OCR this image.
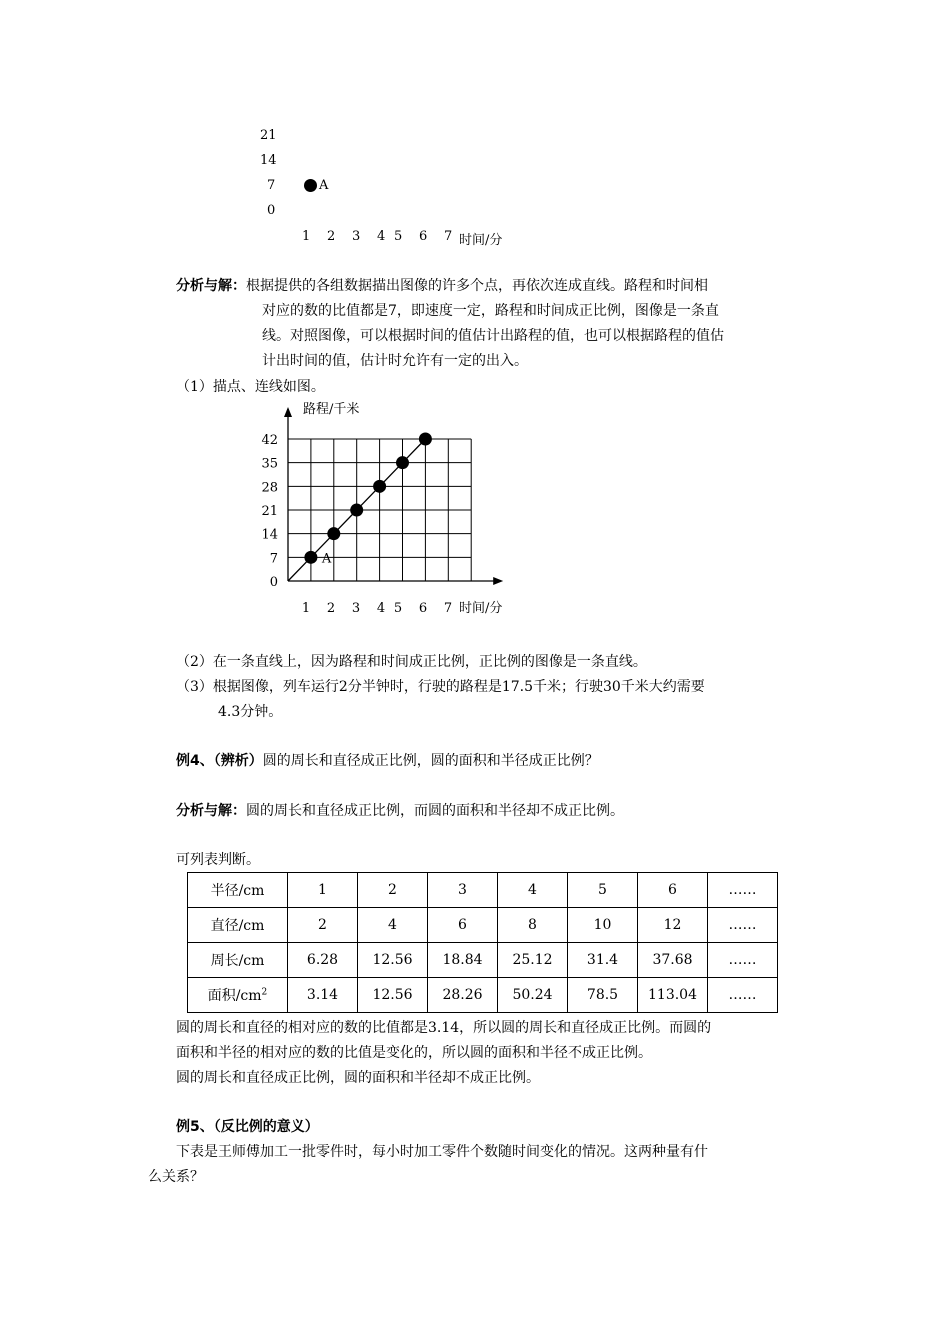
21
14
7
0
A
1 2 3 4 5 6 7 时间/分
分析与解：根据提供的各组数据描出图像的许多个点，再依次连成直线。路程和时间相
对应的数的比值都是7，即速度一定，路程和时间成正比例，图像是一条直
线。对照图像，可以根据时间的值估计出路程的值，也可以根据路程的值估
计出时间的值，估计时允许有一定的出入。
（1）描点、连线如图。
A
0
7
14
21
28
35
42
1 2 3 4 5 6 7 时间/分
路程/千米
（2）在一条直线上，因为路程和时间成正比例，正比例的图像是一条直线。
（3）根据图像，列车运行2分半钟时，行驶的路程是17.5千米；行驶30千米大约需要
4.3分钟。
例4、（辨析）圆的周长和直径成正比例，圆的面积和半径成正比例？
分析与解：圆的周长和直径成正比例，而圆的面积和半径却不成正比例。
可列表判断。
半径/cm	1	2	3	4	5	6	……
直径/cm	2	4	6	8	10	12	……
周长/cm	6.28	12.56	18.84	25.12	31.4	37.68	……
面积$/cm^2$	3.14	12.56	28.26	50.24	78.5	113.04	……
圆的周长和直径的相对应的数的比值都是3.14，所以圆的周长和直径成正比例。而圆的
面积和半径的相对应的数的比值是变化的，所以圆的面积和半径不成正比例。
圆的周长和直径成正比例，圆的面积和半径却不成正比例。
例5、（反比例的意义）
下表是王师傅加工一批零件时，每小时加工零件个数随时间变化的情况。这两种量有什
么关系？
